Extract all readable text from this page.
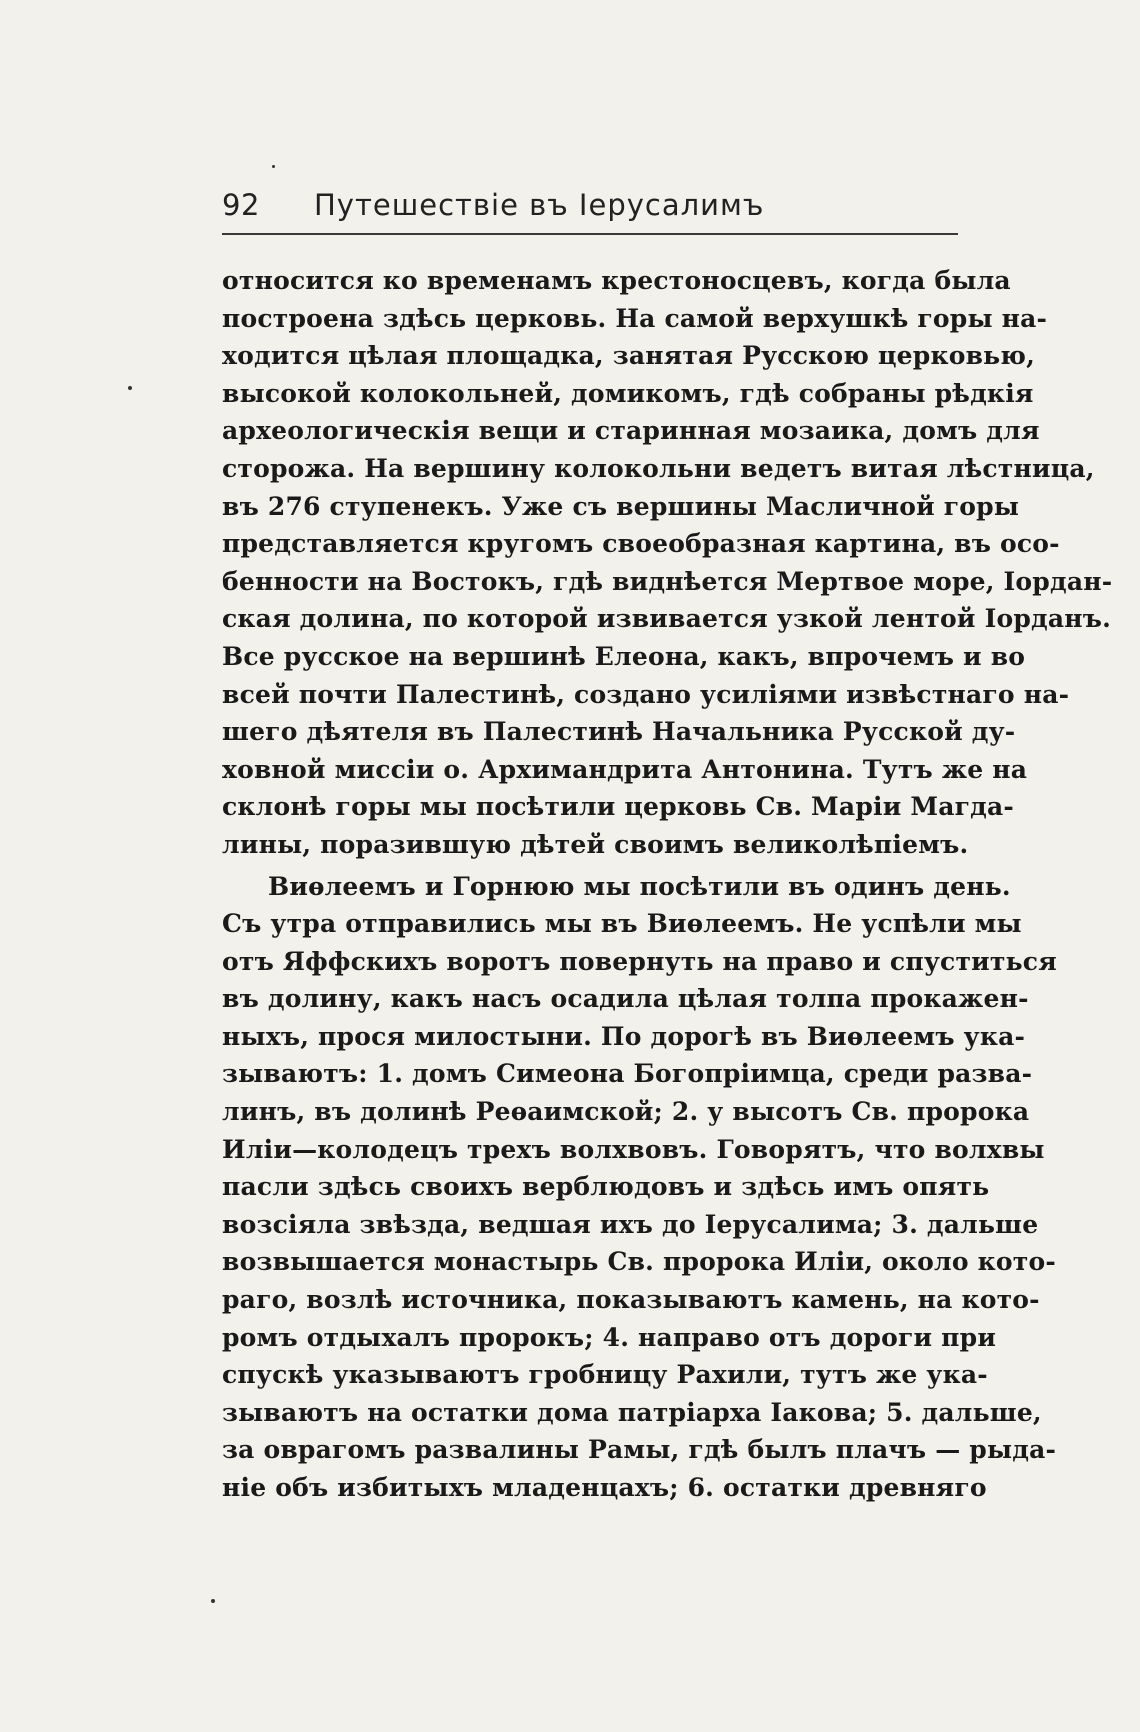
92	Путешествіе въ Іерусалимъ
относится ко временамъ крестоносцевъ, когда была
построена здѣсь церковь. На самой верхушкѣ горы на-
ходится цѣлая площадка, занятая Русскою церковью,
высокой колокольней, домикомъ, гдѣ собраны рѣдкія
археологическія вещи и старинная мозаика, домъ для
сторожа. На вершину колокольни ведетъ витая лѣстница,
въ 276 ступенекъ. Уже съ вершины Масличной горы
представляется кругомъ своеобразная картина, въ осо-
бенности на Востокъ, гдѣ виднѣется Мертвое море, Іордан-
ская долина, по которой извивается узкой лентой Іорданъ.
Все русское на вершинѣ Елеона, какъ, впрочемъ и во
всей почти Палестинѣ, создано усиліями извѣстнаго на-
шего дѣятеля въ Палестинѣ Начальника Русской ду-
ховной миссіи о. Архимандрита Антонина. Тутъ же на
склонѣ горы мы посѣтили церковь Св. Маріи Магда-
лины, поразившую дѣтей своимъ великолѣпіемъ.
Виѳлеемъ и Горнюю мы посѣтили въ одинъ день.
Съ утра отправились мы въ Виѳлеемъ. Не успѣли мы
отъ Яффскихъ воротъ повернуть на право и спуститься
въ долину, какъ насъ осадила цѣлая толпа прокажен-
ныхъ, прося милостыни. По дорогѣ въ Виѳлеемъ ука-
зываютъ: 1. домъ Симеона Богопріимца, среди разва-
линъ, въ долинѣ Реѳаимской; 2. у высотъ Св. пророка
Иліи—колодецъ трехъ волхвовъ. Говорятъ, что волхвы
пасли здѣсь своихъ верблюдовъ и здѣсь имъ опять
возсіяла звѣзда, ведшая ихъ до Іерусалима; 3. дальше
возвышается монастырь Св. пророка Иліи, около кото-
раго, возлѣ источника, показываютъ камень, на кото-
ромъ отдыхалъ пророкъ; 4. направо отъ дороги при
спускѣ указываютъ гробницу Рахили, тутъ же ука-
зываютъ на остатки дома патріарха Іакова; 5. дальше,
за оврагомъ развалины Рамы, гдѣ былъ плачъ — рыда-
ніе объ избитыхъ младенцахъ; 6. остатки древняго
